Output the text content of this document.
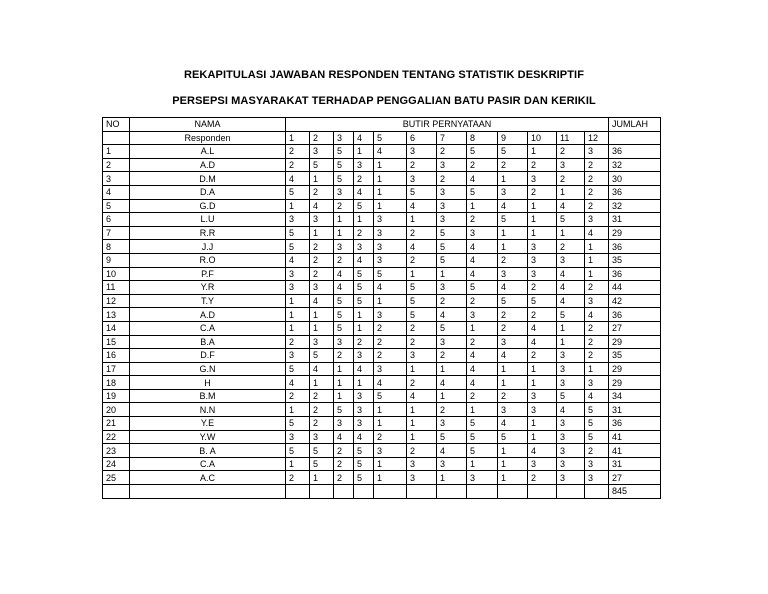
REKAPITULASI JAWABAN RESPONDEN TENTANG STATISTIK DESKRIPTIF
PERSEPSI MASYARAKAT TERHADAP PENGGALIAN BATU PASIR DAN KERIKIL
NO	NAMA	BUTIR PERNYATAAN												JUMLAH
	Responden	1	2	3	4	5	6	7	8	9	10	11	12	
1	A.L	2	3	5	1	4	3	2	5	5	1	2	3	36
2	A.D	2	5	5	3	1	2	3	2	2	2	3	2	32
3	D.M	4	1	5	2	1	3	2	4	1	3	2	2	30
4	D.A	5	2	3	4	1	5	3	5	3	2	1	2	36
5	G.D	1	4	2	5	1	4	3	1	4	1	4	2	32
6	L.U	3	3	1	1	3	1	3	2	5	1	5	3	31
7	R.R	5	1	1	2	3	2	5	3	1	1	1	4	29
8	J.J	5	2	3	3	3	4	5	4	1	3	2	1	36
9	R.O	4	2	2	4	3	2	5	4	2	3	3	1	35
10	P.F	3	2	4	5	5	1	1	4	3	3	4	1	36
11	Y.R	3	3	4	5	4	5	3	5	4	2	4	2	44
12	T.Y	1	4	5	5	1	5	2	2	5	5	4	3	42
13	A.D	1	1	5	1	3	5	4	3	2	2	5	4	36
14	C.A	1	1	5	1	2	2	5	1	2	4	1	2	27
15	B.A	2	3	3	2	2	2	3	2	3	4	1	2	29
16	D.F	3	5	2	3	2	3	2	4	4	2	3	2	35
17	G.N	5	4	1	4	3	1	1	4	1	1	3	1	29
18	H	4	1	1	1	4	2	4	4	1	1	3	3	29
19	B.M	2	2	1	3	5	4	1	2	2	3	5	4	34
20	N.N	1	2	5	3	1	1	2	1	3	3	4	5	31
21	Y.E	5	2	3	3	1	1	3	5	4	1	3	5	36
22	Y.W	3	3	4	4	2	1	5	5	5	1	3	5	41
23	B. A	5	5	2	5	3	2	4	5	1	4	3	2	41
24	C.A	1	5	2	5	1	3	3	1	1	3	3	3	31
25	A.C	2	1	2	5	1	3	1	3	1	2	3	3	27
														845
